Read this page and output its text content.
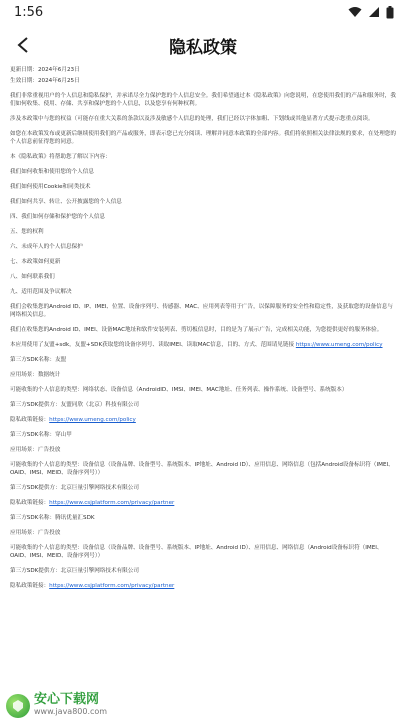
1:56
隐私政策

更新日期：2024年6月23日

生效日期：2024年6月25日

我们非常重视用户的个人信息和隐私保护，并承诺尽全力保护您的个人信息安全。我们希望通过本《隐私政策》向您说明，在您使用我们的产品和服务时，我们如何收集、使用、存储、共享和保护您的个人信息，以及您享有何种权利。

涉及本政策中与您的权益（可能存在重大关系的条款以及涉及敏感个人信息的处理，我们已经以字体加粗、下划线或其他显著方式提示您重点阅读。

如您在本政策发布或更新后继续使用我们的产品或服务，即表示您已充分阅读、理解并同意本政策的全部内容。我们将依照相关法律法规的要求，在处理您的个人信息前征得您的同意。

本《隐私政策》将帮助您了解以下内容：

我们如何收集和使用您的个人信息

我们如何使用Cookie和同类技术

我们如何共享、转让、公开披露您的个人信息

四、我们如何存储和保护您的个人信息

五、您的权利

六、未成年人的个人信息保护

七、本政策如何更新

八、如何联系我们

九、适用范围及争议解决

我们会收集您的Android ID、IP、IMEI、位置、设备序列号、传感器、MAC、应用列表等用于广告，以保障服务的安全性和稳定性，及获取您的设备信息与网络相关信息。

我们在收集您的Android ID、IMEI、设备MAC地址和软件安装列表、剪切板信息时，目的是为了展示广告，完成相关功能，为您提供更好的服务体验。

本应用使用了友盟+sdk，友盟+SDK获取您的设备序列号、读取IMEI、读取MAC信息，目的、方式、范围请见链接 https://www.umeng.com/policy

第三方SDK名称：友盟

应用场景：数据统计

可能收集的个人信息的类型：网络状态、设备信息（AndroidID、IMSI、IMEI、MAC地址、任务列表、操作系统、设备型号、系统版本）

第三方SDK提供方：友盟同欣（北京）科技有限公司

隐私政策链接：https://www.umeng.com/policy

第三方SDK名称：穿山甲

应用场景：广告投放

可能收集的个人信息的类型：设备信息（设备品牌、设备型号、系统版本、IP地址、Android ID）、应用信息、网络信息（包括Android设备标识符（IMEI、OAID、IMSI、MEID、设备序列号））

第三方SDK提供方：北京巨量引擎网络技术有限公司

隐私政策链接：https://www.csjplatform.com/privacy/partner

第三方SDK名称：腾讯优量汇SDK

应用场景：广告投放

可能收集的个人信息的类型：设备信息（设备品牌、设备型号、系统版本、IP地址、Android ID）、应用信息、网络信息（Android设备标识符（IMEI、OAID、IMSI、MEID、设备序列号））

第三方SDK提供方：北京巨量引擎网络技术有限公司

隐私政策链接：https://www.csjplatform.com/privacy/partner

安心下载网
www.java800.com
